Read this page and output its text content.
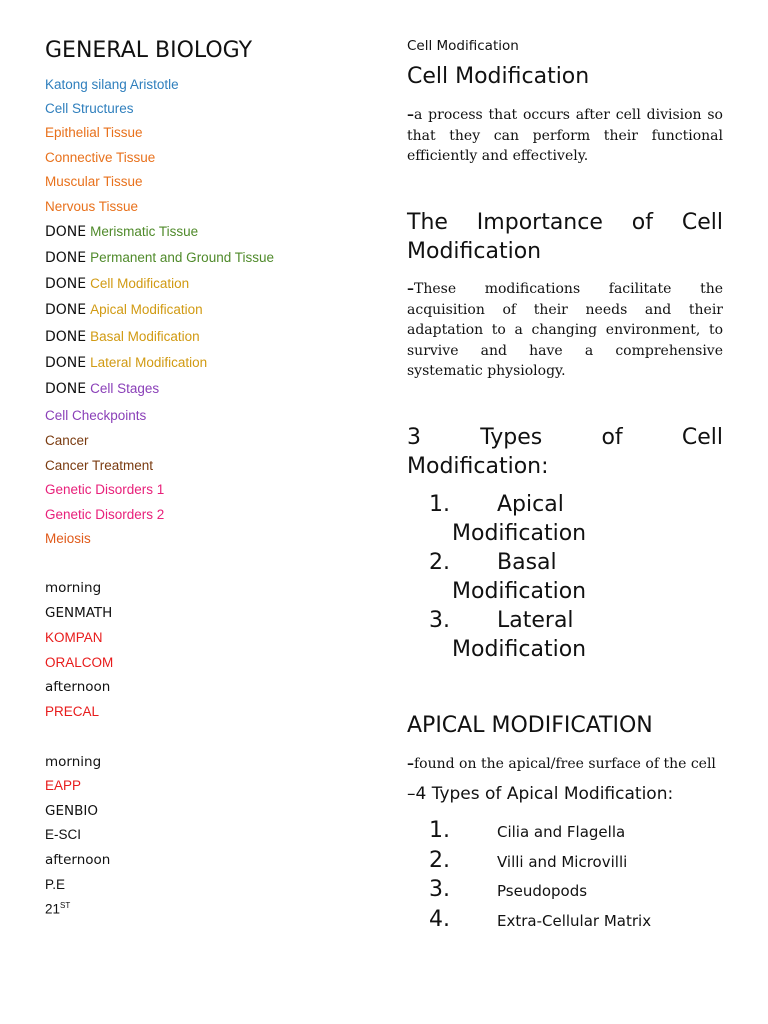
GENERAL BIOLOGY
Katong silang Aristotle
Cell Structures
Epithelial Tissue
Connective Tissue
Muscular Tissue
Nervous Tissue
DONE Merismatic Tissue
DONE Permanent and Ground Tissue
DONE Cell Modification
DONE Apical Modification
DONE Basal Modification
DONE Lateral Modification
DONE Cell Stages
Cell Checkpoints
Cancer
Cancer Treatment
Genetic Disorders 1
Genetic Disorders 2
Meiosis
morning
GENMATH
KOMPAN
ORALCOM
afternoon
PRECAL
morning
EAPP
GENBIO
E-SCI
afternoon
P.E
21ST
Cell Modification
Cell Modification
–a process that occurs after cell division so that they can perform their functional efficiently and effectively.
The Importance of Cell Modification
–These modifications facilitate the acquisition of their needs and their adaptation to a changing environment, to survive and have a comprehensive systematic physiology.
3	Types	of	Cell
Modification:
1. Apical
Modification
2. Basal
Modification
3. Lateral
Modification
APICAL MODIFICATION
–found on the apical/free surface of the cell
–4 Types of Apical Modification:
1.	Cilia and Flagella
2.	Villi and Microvilli
3.	Pseudopods
4.	Extra-Cellular Matrix
